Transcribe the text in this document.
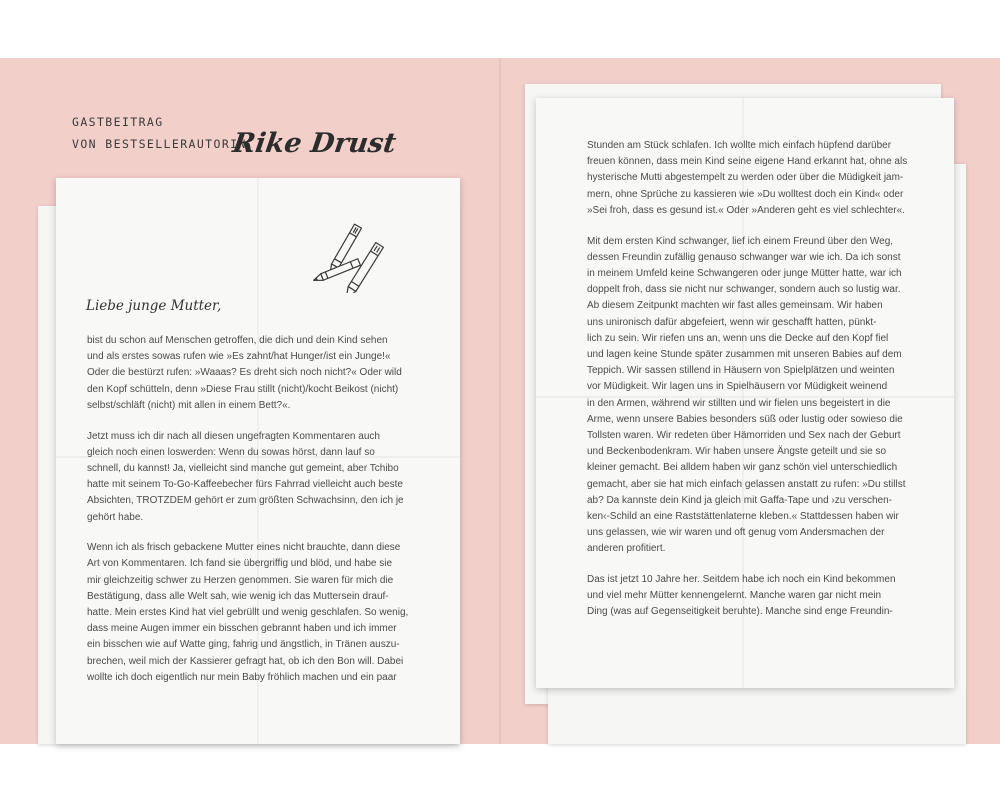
GASTBEITRAG
VON BESTSELLERAUTORIN
Rike Drust
Liebe junge Mutter,

bist du schon auf Menschen getroffen, die dich und dein Kind sehen
und als erstes sowas rufen wie »Es zahnt/hat Hunger/ist ein Junge!«
Oder die bestürzt rufen: »Waaas? Es dreht sich noch nicht?« Oder wild
den Kopf schütteln, denn »Diese Frau stillt (nicht)/kocht Beikost (nicht)
selbst/schläft (nicht) mit allen in einem Bett?«.

Jetzt muss ich dir nach all diesen ungefragten Kommentaren auch
gleich noch einen loswerden: Wenn du sowas hörst, dann lauf so
schnell, du kannst! Ja, vielleicht sind manche gut gemeint, aber Tchibo
hatte mit seinem To-Go-Kaffeebecher fürs Fahrrad vielleicht auch beste
Absichten, TROTZDEM gehört er zum größten Schwachsinn, den ich je
gehört habe.

Wenn ich als frisch gebackene Mutter eines nicht brauchte, dann diese
Art von Kommentaren. Ich fand sie übergriffig und blöd, und habe sie
mir gleichzeitig schwer zu Herzen genommen. Sie waren für mich die
Bestätigung, dass alle Welt sah, wie wenig ich das Muttersein drauf-
hatte. Mein erstes Kind hat viel gebrüllt und wenig geschlafen. So wenig,
dass meine Augen immer ein bisschen gebrannt haben und ich immer
ein bisschen wie auf Watte ging, fahrig und ängstlich, in Tränen auszu-
brechen, weil mich der Kassierer gefragt hat, ob ich den Bon will. Dabei
wollte ich doch eigentlich nur mein Baby fröhlich machen und ein paar

Stunden am Stück schlafen. Ich wollte mich einfach hüpfend darüber
freuen können, dass mein Kind seine eigene Hand erkannt hat, ohne als
hysterische Mutti abgestempelt zu werden oder über die Müdigkeit jam-
mern, ohne Sprüche zu kassieren wie »Du wolltest doch ein Kind« oder
»Sei froh, dass es gesund ist.« Oder »Anderen geht es viel schlechter«.

Mit dem ersten Kind schwanger, lief ich einem Freund über den Weg,
dessen Freundin zufällig genauso schwanger war wie ich. Da ich sonst
in meinem Umfeld keine Schwangeren oder junge Mütter hatte, war ich
doppelt froh, dass sie nicht nur schwanger, sondern auch so lustig war.
Ab diesem Zeitpunkt machten wir fast alles gemeinsam. Wir haben
uns unironisch dafür abgefeiert, wenn wir geschafft hatten, pünkt-
lich zu sein. Wir riefen uns an, wenn uns die Decke auf den Kopf fiel
und lagen keine Stunde später zusammen mit unseren Babies auf dem
Teppich. Wir sassen stillend in Häusern von Spielplätzen und weinten
vor Müdigkeit. Wir lagen uns in Spielhäusern vor Müdigkeit weinend
in den Armen, während wir stillten und wir fielen uns begeistert in die
Arme, wenn unsere Babies besonders süß oder lustig oder sowieso die
Tollsten waren. Wir redeten über Hämorriden und Sex nach der Geburt
und Beckenbodenkram. Wir haben unsere Ängste geteilt und sie so
kleiner gemacht. Bei alldem haben wir ganz schön viel unterschiedlich
gemacht, aber sie hat mich einfach gelassen anstatt zu rufen: »Du stillst
ab? Da kannste dein Kind ja gleich mit Gaffa-Tape und ›zu verschen-
ken‹-Schild an eine Raststättenlaterne kleben.« Stattdessen haben wir
uns gelassen, wie wir waren und oft genug vom Andersmachen der
anderen profitiert.

Das ist jetzt 10 Jahre her. Seitdem habe ich noch ein Kind bekommen
und viel mehr Mütter kennengelernt. Manche waren gar nicht mein
Ding (was auf Gegenseitigkeit beruhte). Manche sind enge Freundin-
